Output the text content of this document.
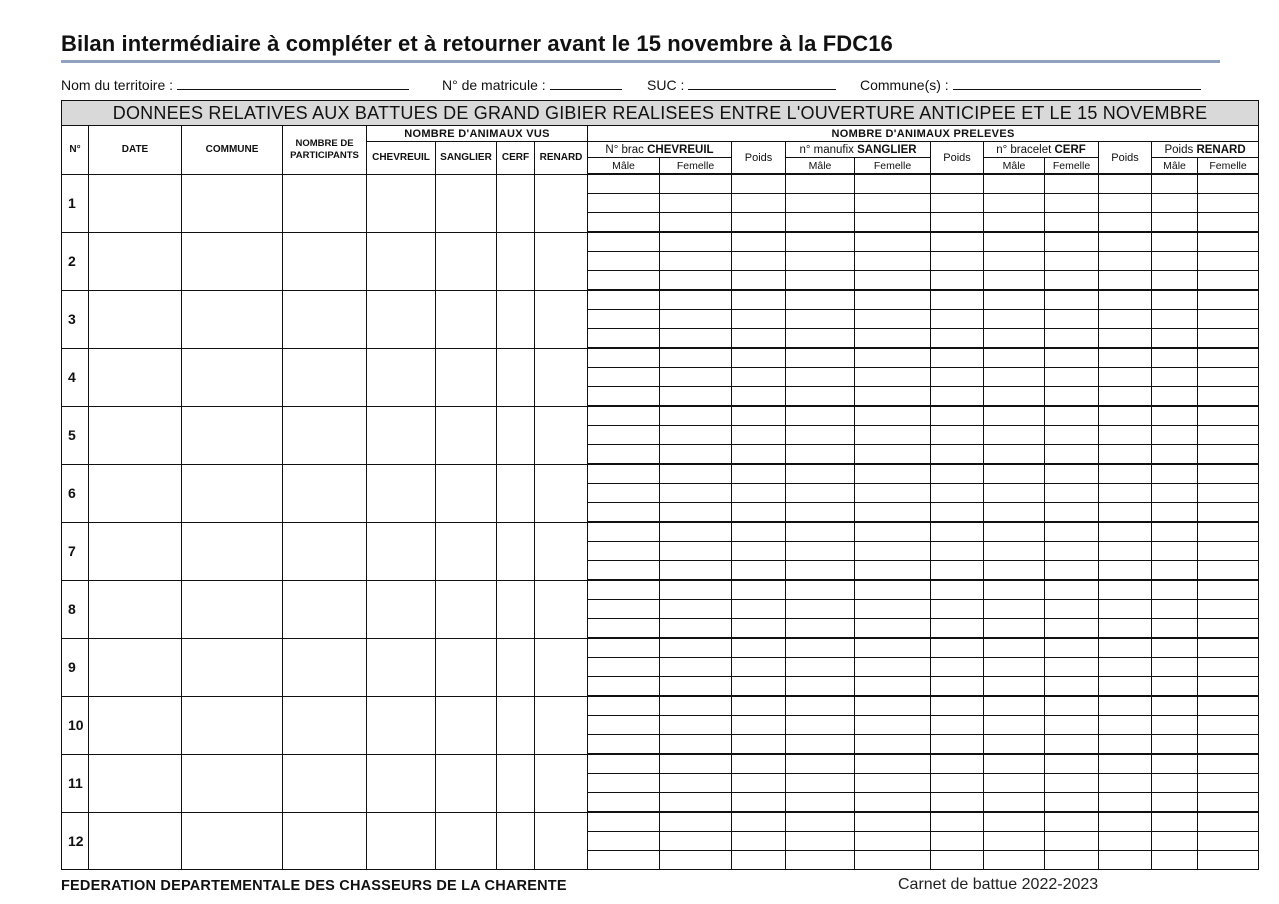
Bilan intermédiaire à compléter et à retourner avant le 15 novembre à la FDC16
Nom du territoire :	N° de matricule :	SUC :	Commune(s) :
DONNEES RELATIVES AUX BATTUES DE GRAND GIBIER REALISEES ENTRE L'OUVERTURE ANTICIPEE ET LE 15 NOVEMBRE																		
N°	DATE	COMMUNE	NOMBRE DE PARTICIPANTS	NOMBRE D'ANIMAUX VUS				NOMBRE D'ANIMAUX PRELEVES										
				CHEVREUIL	SANGLIER	CERF	RENARD	N° brac CHEVREUIL		Poids	n° manufix SANGLIER		Poids	n° bracelet CERF		Poids	Poids RENARD	
								Mâle	Femelle		Mâle	Femelle		Mâle	Femelle		Mâle	Femelle
1																		

2																		

3																		

4																		

5																		

6																		

7																		

8																		

9																		

10																		

11																		

12																		

FEDERATION DEPARTEMENTALE DES CHASSEURS DE LA CHARENTE	Carnet de battue 2022-2023
